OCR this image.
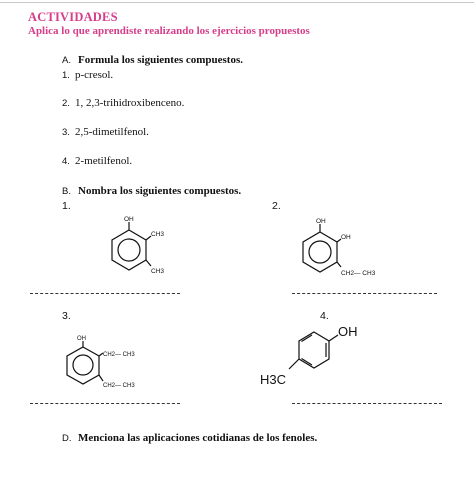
ACTIVIDADES
Aplica lo que aprendiste realizando los ejercicios propuestos
A. Formula los siguientes compuestos.
1. p-cresol.
2. 1, 2,3-trihidroxibenceno.
3. 2,5-dimetilfenol.
4. 2-metilfenol.
B. Nombra los siguientes compuestos.
1.	2.
OH
CH3
CH3
OH
OH
CH2— CH3
3.	4.
OH
CH2— CH3
CH2— CH3
OH
H3C
D. Menciona las aplicaciones cotidianas de los fenoles.
